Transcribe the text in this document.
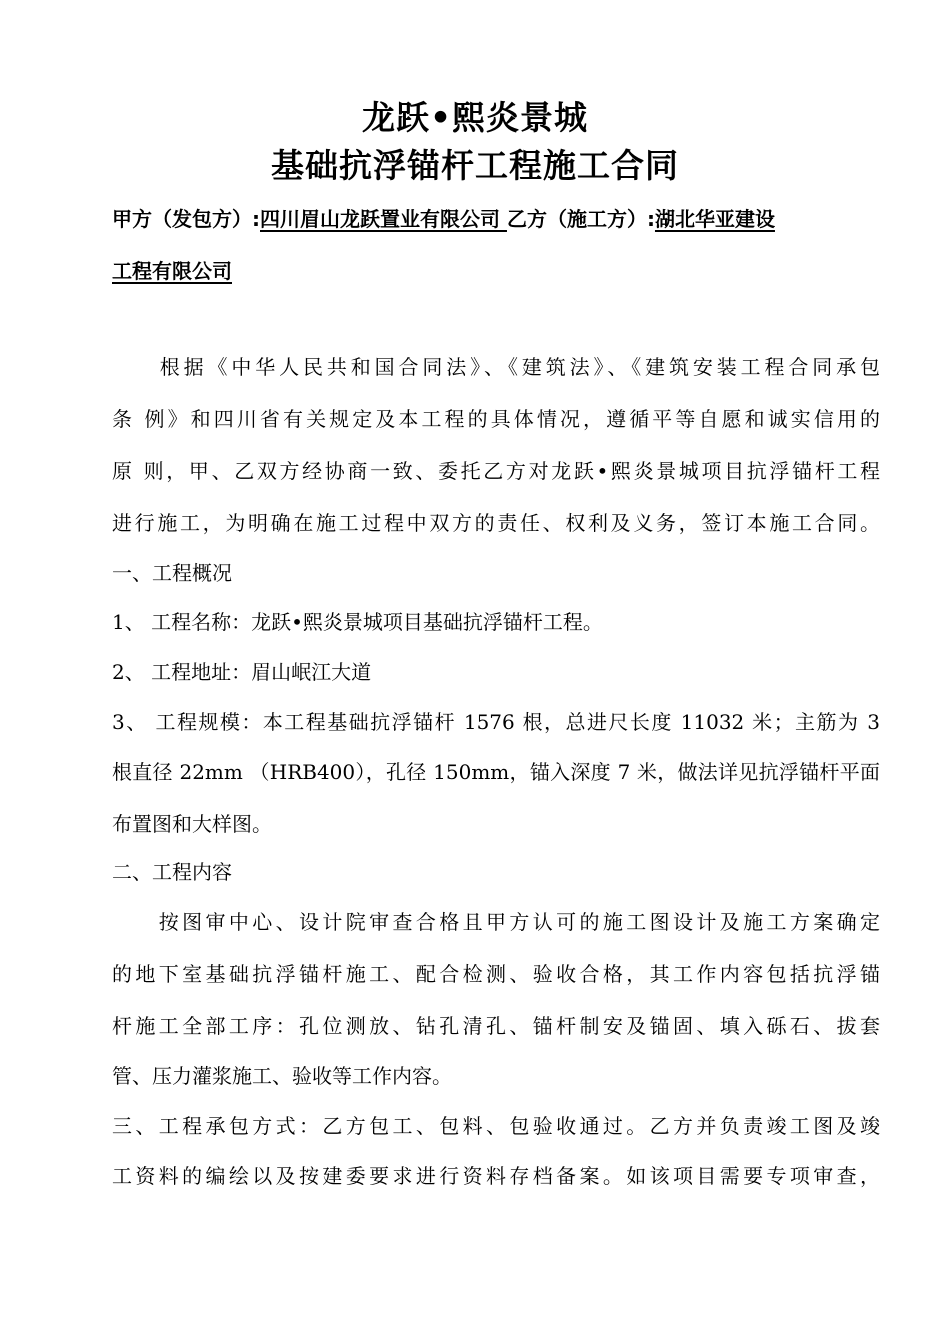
龙跃•熙炎景城
基础抗浮锚杆工程施工合同
甲方（发包方）:四川眉山龙跃置业有限公司 乙方（施工方）:湖北华亚建设
工程有限公司
　　根据《中华人民共和国合同法》、《建筑法》、《建筑安装工程合同承包
条 例》和四川省有关规定及本工程的具体情况，遵循平等自愿和诚实信用的
原 则，甲、乙双方经协商一致、委托乙方对龙跃•熙炎景城项目抗浮锚杆工程
进行施工，为明确在施工过程中双方的责任、权利及义务，签订本施工合同。
一、工程概况
1、 工程名称：龙跃•熙炎景城项目基础抗浮锚杆工程。
2、 工程地址：眉山岷江大道
3、 工程规模：本工程基础抗浮锚杆 1576 根，总进尺长度 11032 米；主筋为 3
根直径 22mm （HRB400），孔径 150mm，锚入深度 7 米，做法详见抗浮锚杆平面
布置图和大样图。
二、工程内容
　　按图审中心、设计院审查合格且甲方认可的施工图设计及施工方案确定
的地下室基础抗浮锚杆施工、配合检测、验收合格，其工作内容包括抗浮锚
杆施工全部工序：孔位测放、钻孔清孔、锚杆制安及锚固、填入砾石、拔套
管、压力灌浆施工、验收等工作内容。
三、工程承包方式：乙方包工、包料、包验收通过。乙方并负责竣工图及竣
工资料的编绘以及按建委要求进行资料存档备案。如该项目需要专项审查，
